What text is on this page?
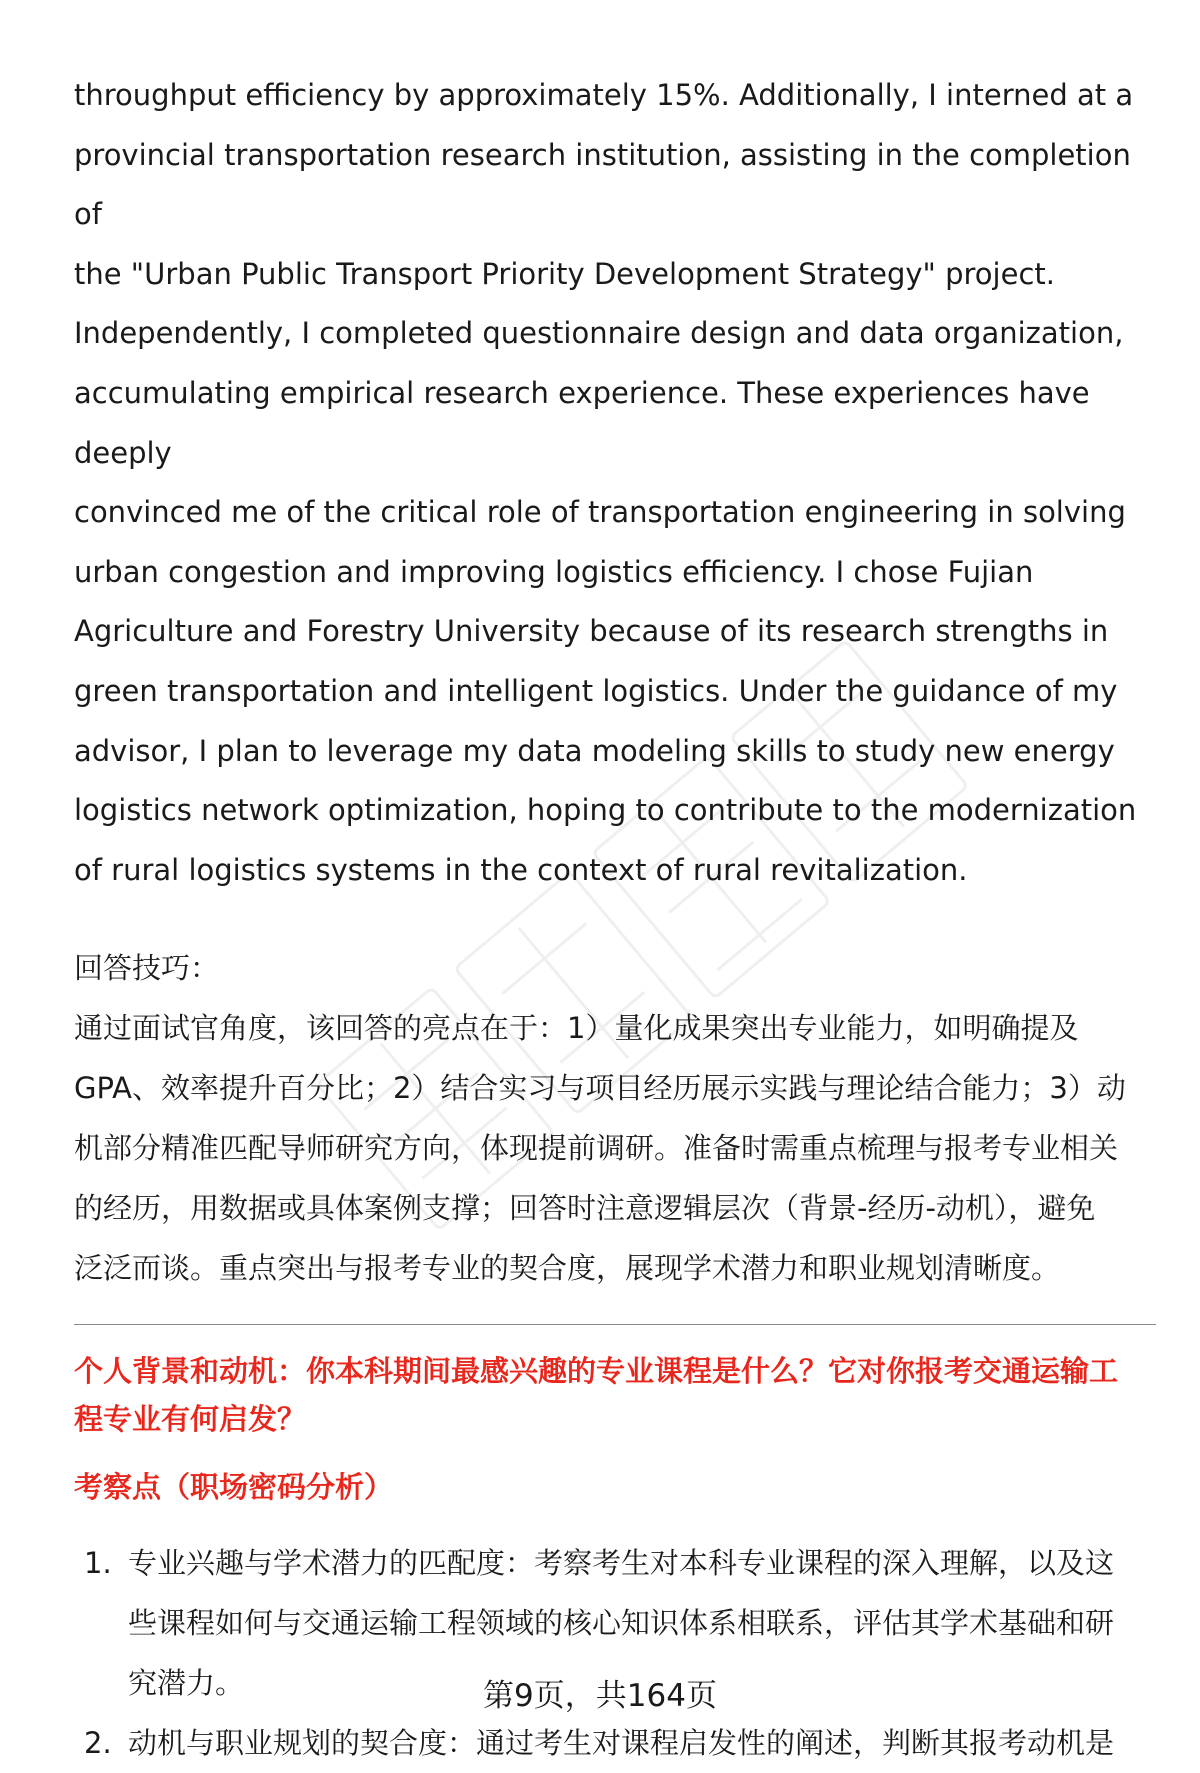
throughput efficiency by approximately 15%. Additionally, I interned at a
provincial transportation research institution, assisting in the completion of
the "Urban Public Transport Priority Development Strategy" project.
Independently, I completed questionnaire design and data organization,
accumulating empirical research experience. These experiences have deeply
convinced me of the critical role of transportation engineering in solving
urban congestion and improving logistics efficiency. I chose Fujian
Agriculture and Forestry University because of its research strengths in
green transportation and intelligent logistics. Under the guidance of my
advisor, I plan to leverage my data modeling skills to study new energy
logistics network optimization, hoping to contribute to the modernization
of rural logistics systems in the context of rural revitalization.
回答技巧：
通过面试官角度，该回答的亮点在于：1）量化成果突出专业能力，如明确提及
GPA、效率提升百分比；2）结合实习与项目经历展示实践与理论结合能力；3）动
机部分精准匹配导师研究方向，体现提前调研。准备时需重点梳理与报考专业相关
的经历，用数据或具体案例支撑；回答时注意逻辑层次（背景-经历-动机），避免
泛泛而谈。重点突出与报考专业的契合度，展现学术潜力和职业规划清晰度。
个人背景和动机：你本科期间最感兴趣的专业课程是什么？它对你报考交通运输工
程专业有何启发？
考察点（职场密码分析）
1. 专业兴趣与学术潜力的匹配度：考察考生对本科专业课程的深入理解，以及这
些课程如何与交通运输工程领域的核心知识体系相联系，评估其学术基础和研
究潜力。
2. 动机与职业规划的契合度：通过考生对课程启发性的阐述，判断其报考动机是
第9页，共164页
